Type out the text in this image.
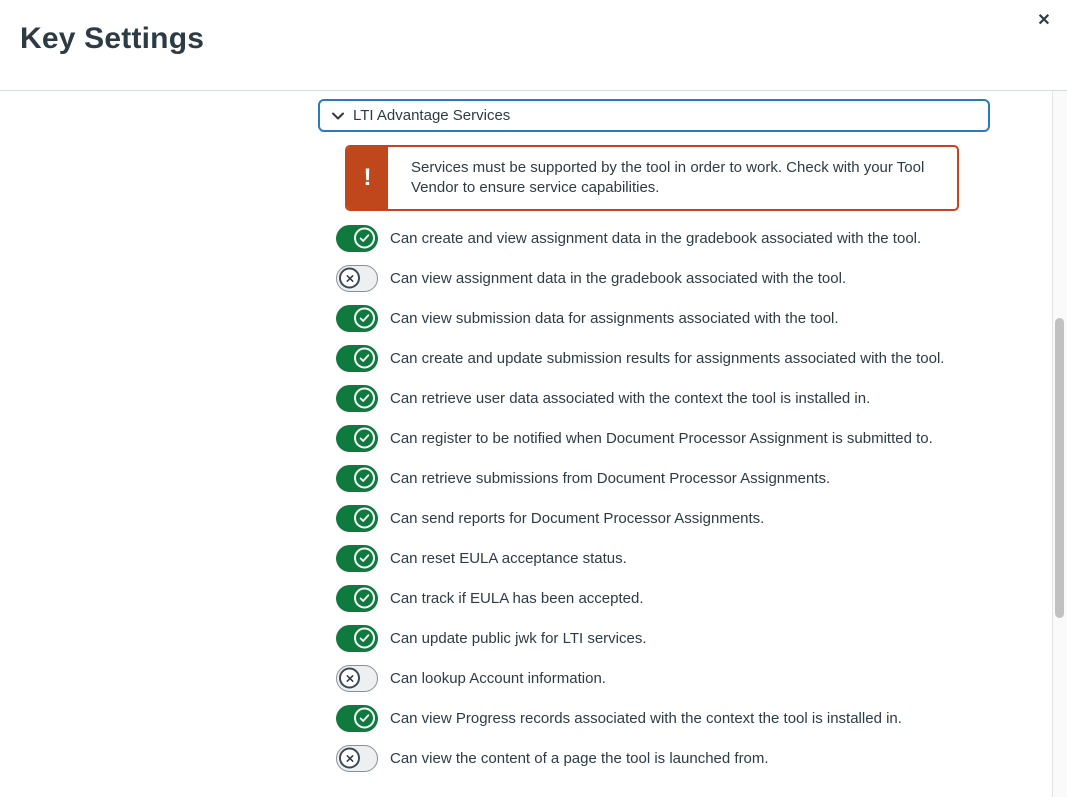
Key Settings
✕
LTI Advantage Services
!	Services must be supported by the tool in order to work. Check with your Tool Vendor to ensure service capabilities.
Can create and view assignment data in the gradebook associated with the tool.
Can view assignment data in the gradebook associated with the tool.
Can view submission data for assignments associated with the tool.
Can create and update submission results for assignments associated with the tool.
Can retrieve user data associated with the context the tool is installed in.
Can register to be notified when Document Processor Assignment is submitted to.
Can retrieve submissions from Document Processor Assignments.
Can send reports for Document Processor Assignments.
Can reset EULA acceptance status.
Can track if EULA has been accepted.
Can update public jwk for LTI services.
Can lookup Account information.
Can view Progress records associated with the context the tool is installed in.
Can view the content of a page the tool is launched from.
